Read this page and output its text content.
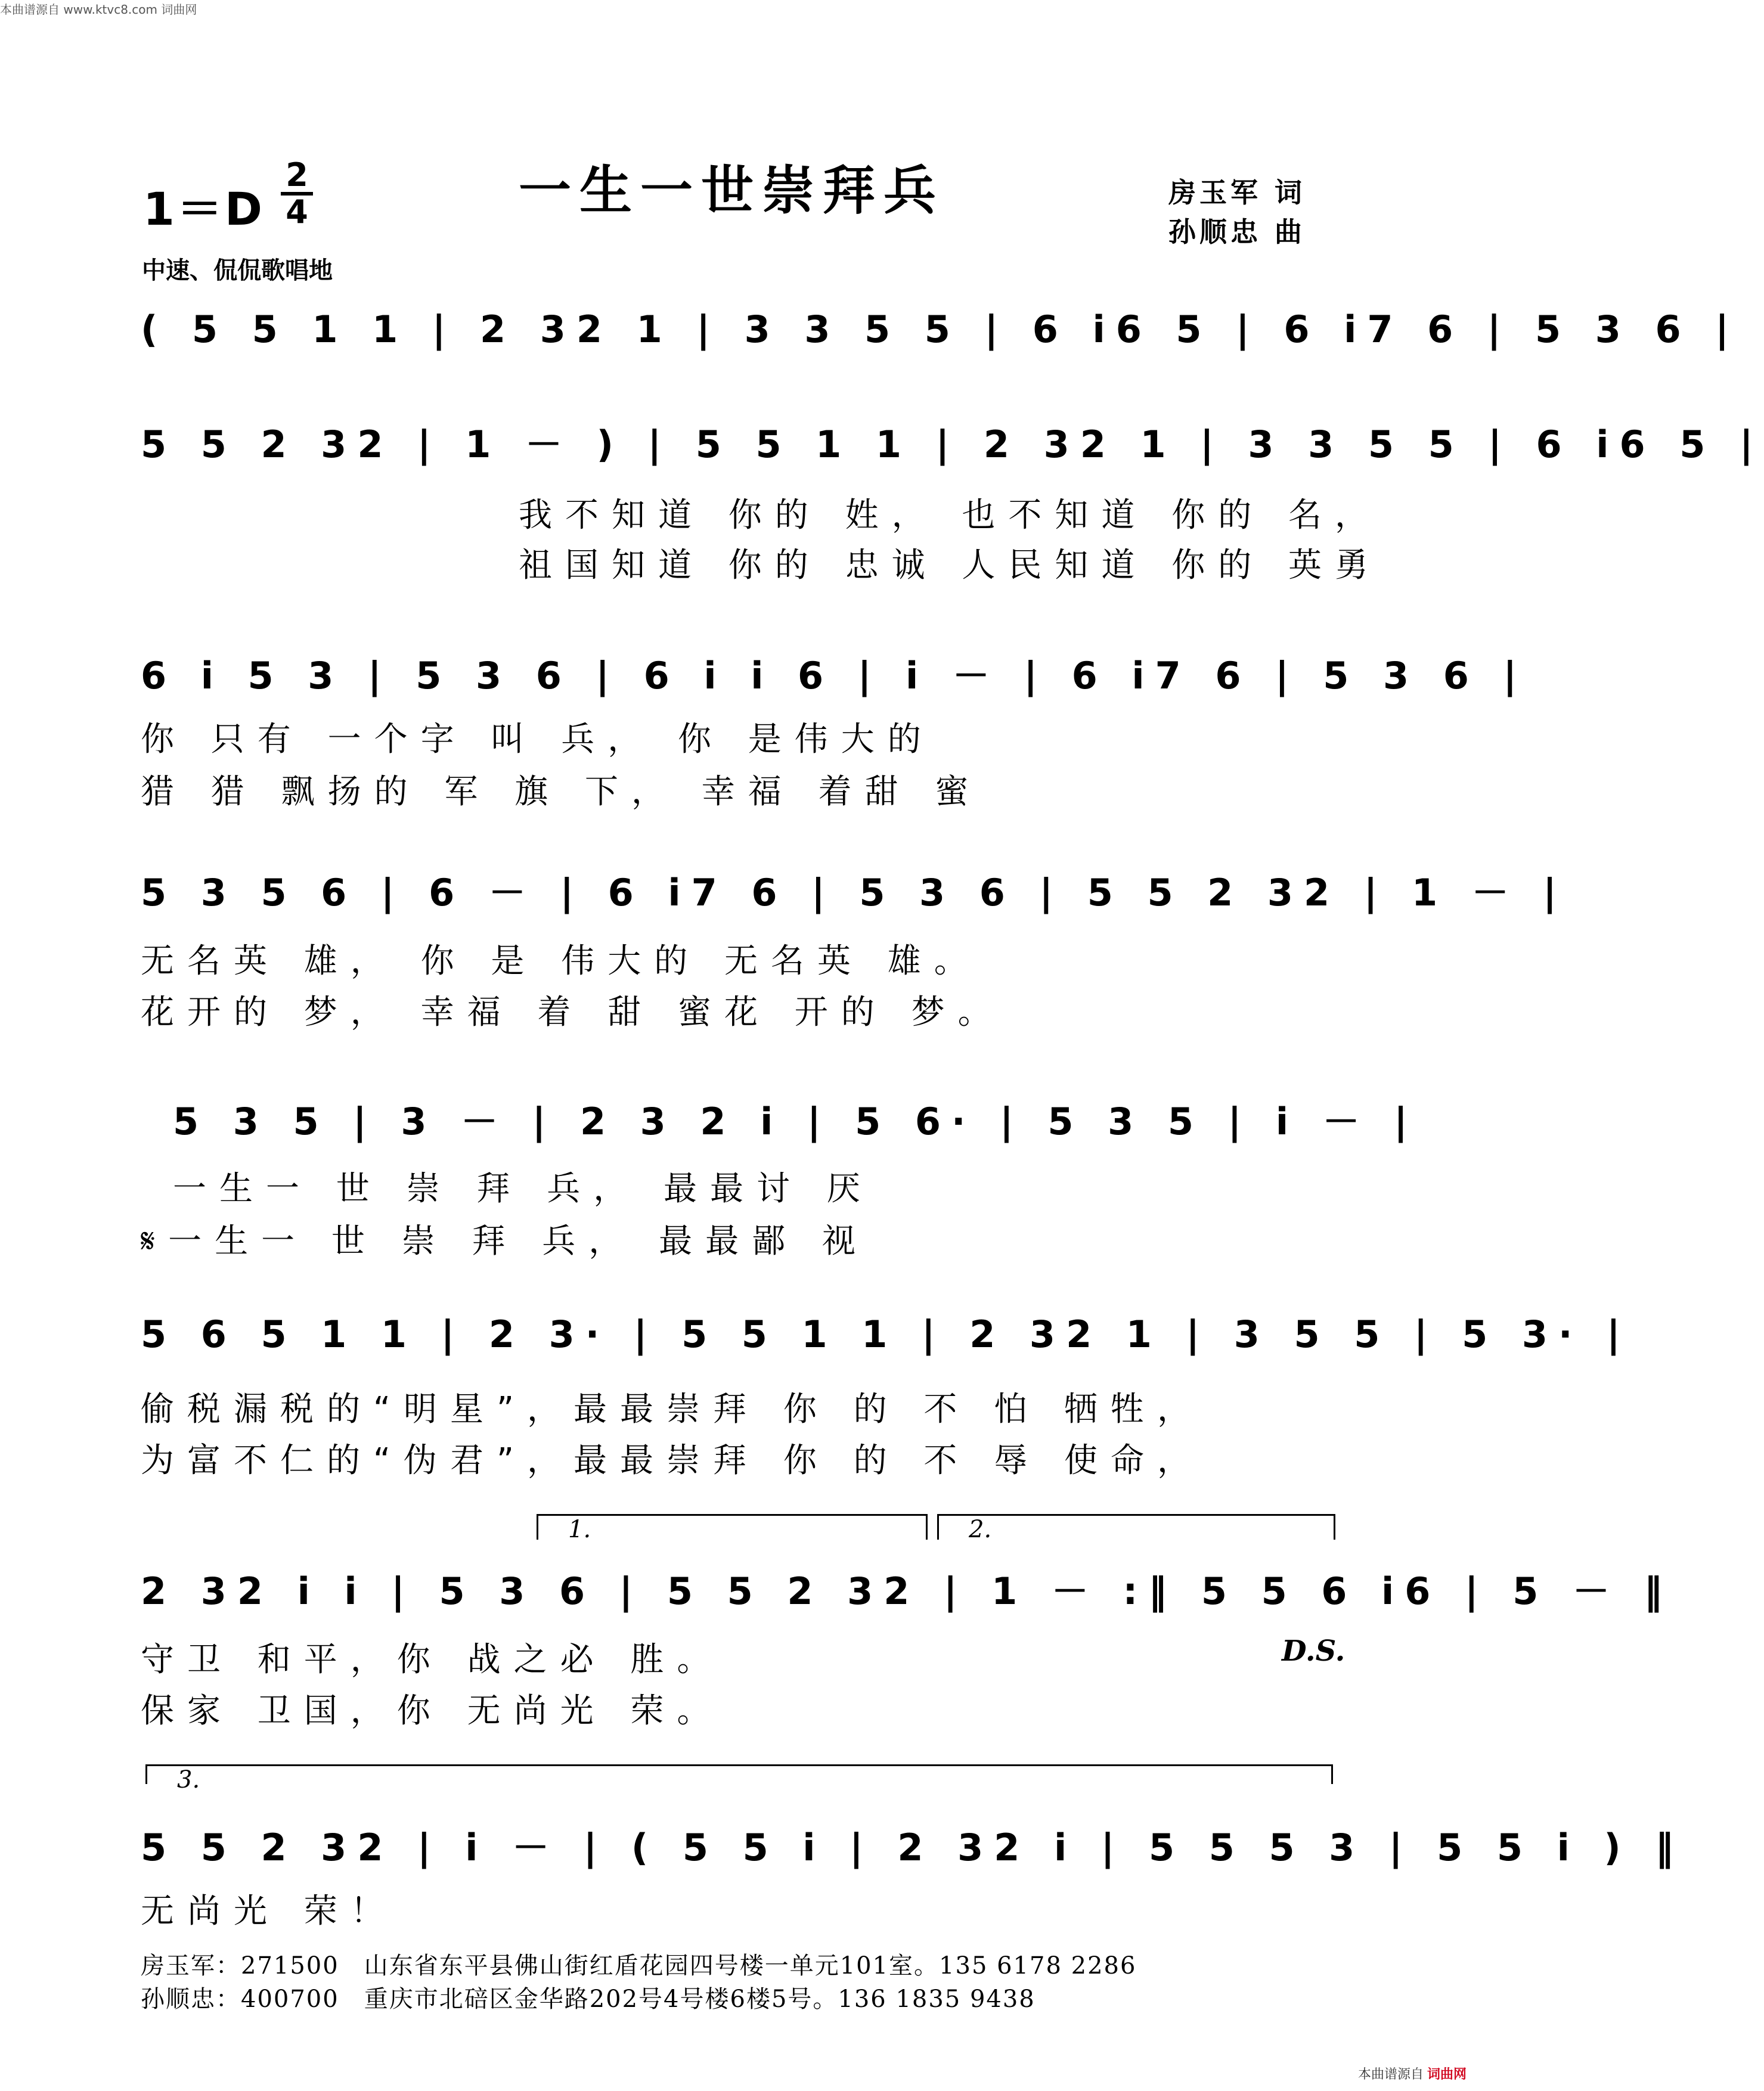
本曲谱源自 www.ktvc8.com 词曲网
1＝D
2
4	一生一世崇拜兵	房玉军 词
孙顺忠 曲
中速、侃侃歌唱地
( 5 5 1 1 | 2 32 1 | 3 3 5 5 | 6 i6 5 | 6 i7 6 | 5 3 6 |
5 5 2 32 | 1 － ) | 5 5 1 1 | 2 32 1 | 3 3 5 5 | 6 i6 5 |
我不知道 你的 姓， 也不知道 你的 名，
祖国知道 你的 忠诚 人民知道 你的 英勇
6 i 5 3 | 5 3 6 | 6 i i 6 | i － | 6 i7 6 | 5 3 6 |
你 只有 一个字 叫 兵， 你 是伟大的
猎 猎 飘扬的 军 旗 下， 幸福 着甜 蜜
5 3 5 6 | 6 － | 6 i7 6 | 5 3 6 | 5 5 2 32 | 1 － |
无名英 雄， 你 是 伟大的 无名英 雄。
花开的 梦， 幸福 着 甜 蜜花 开的 梦。
5 3 5 | 3 － | 2 3 2 i | 5 6· | 5 3 5 | i － |
一生一 世 崇 拜 兵， 最最讨 厌
𝄋一生一 世 崇 拜 兵， 最最鄙 视
5 6 5 1 1 | 2 3· | 5 5 1 1 | 2 32 1 | 3 5 5 | 5 3· |
偷税漏税的“明星”，最最崇拜 你 的 不 怕 牺牲，
为富不仁的“伪君”，最最崇拜 你 的 不 辱 使命，
1.	2.
2 32 i i | 5 3 6 | 5 5 2 32 | 1 － :‖ 5 5 6 i6 | 5 － ‖
守卫 和平，你 战之必 胜。
保家 卫国，你 无尚光 荣。
D.S.
3.
5 5 2 32 | i － | ( 5 5 i | 2 32 i | 5 5 5 3 | 5 5 i ) ‖
无尚光 荣！
房玉军：271500　山东省东平县佛山街红盾花园四号楼一单元101室。135 6178 2286
孙顺忠：400700　重庆市北碚区金华路202号4号楼6楼5号。136 1835 9438
本曲谱源自 词曲网
